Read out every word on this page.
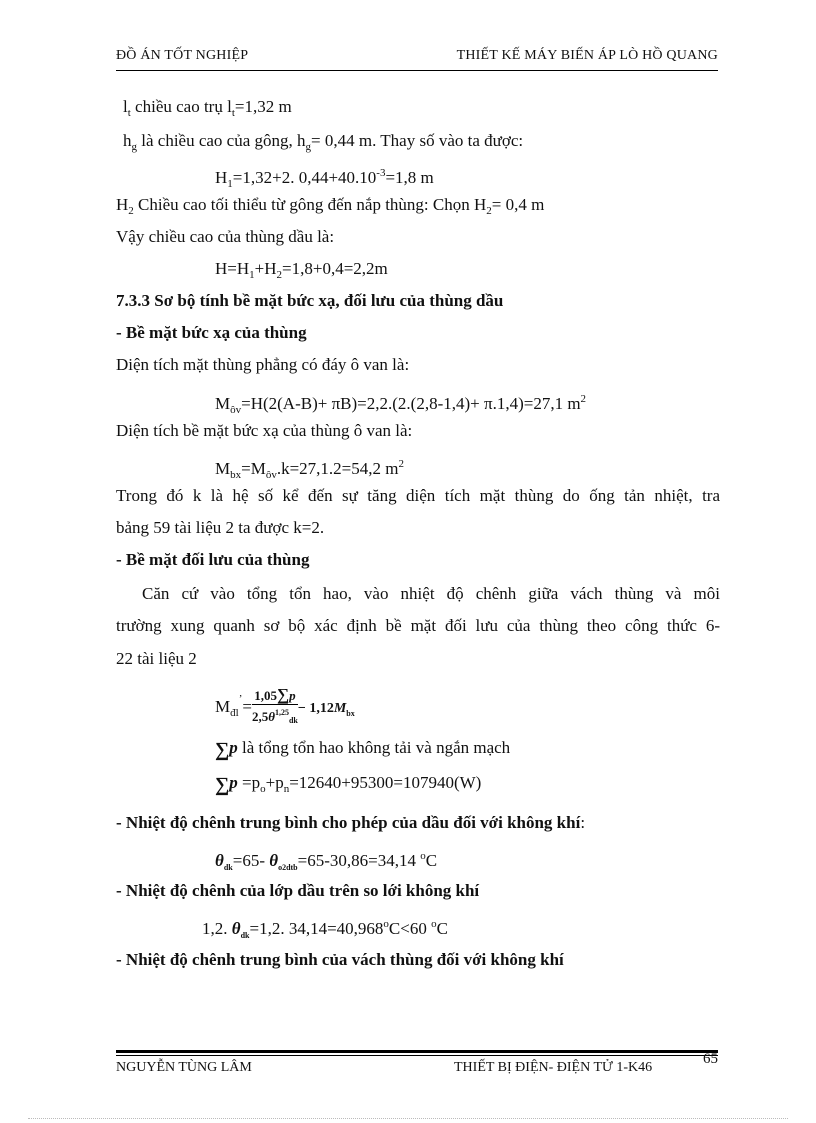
ĐỒ ÁN TỐT NGHIỆP	THIẾT KẾ MÁY BIẾN ÁP LÒ HỒ QUANG
$l_t$ chiều cao trụ $l_t=1,32$ m
$h_g$ là chiều cao của gông, $h_g= 0,44$ m. Thay số vào ta được:
$H_1=1,32+2$. $0,44+40.10^{-3}=1,8$ m
$H_2$ Chiều cao tối thiểu từ gông đến nắp thùng: Chọn $H_2= 0,4$ m
Vậy chiều cao của thùng dầu là:
$H=H_1+H_2=1,8+0,4=2,2m$
7.3.3 Sơ bộ tính bề mặt bức xạ, đối lưu của thùng dầu
- Bề mặt bức xạ của thùng
Diện tích mặt thùng phẳng có đáy ô van là:
$M_{ôv}=H(2(A-B)+ \pi B)=2,2.(2.(2,8-1,4)+ \pi.1,4)=27,1$ $m^2$
Diện tích bề mặt bức xạ của thùng ô van là:
$M_{bx}=M_{ôv}.k=27,1.2=54,2$ $m^2$
Trong đó k là hệ số kể đến sự tăng diện tích mặt thùng do ống tản nhiệt, tra
bảng 59 tài liệu 2 ta được k=2.
- Bề mặt đối lưu của thùng
Căn cứ vào tổng tổn hao, vào nhiệt độ chênh giữa vách thùng và môi
trường xung quanh sơ bộ xác định bề mặt đối lưu của thùng theo công thức 6-
22 tài liệu 2
$M_{đl}^’= \frac{1,05\sum p}{2,5\theta^{1,25}dk} - 1,12M_{bx}$
∑p là tổng tổn hao không tải và ngắn mạch
$\sum p =p_o+p_n=12640+95300=107940(W)$
- Nhiệt độ chênh trung bình cho phép của dầu đối với không khí:
$\theta_{dk}=65-$ $\theta_{o2dtb}=65-30,86=34,14$ $^o$C
- Nhiệt độ chênh của lớp dầu trên so lới không khí
1,2. $\theta_{dk}=1,2$. $34,14=40,968^oC<60$ $^o$C
- Nhiệt độ chênh trung bình của vách thùng đối với không khí
NGUYỄN TÙNG LÂM	THIẾT BỊ ĐIỆN- ĐIỆN TỬ 1-K46
65
